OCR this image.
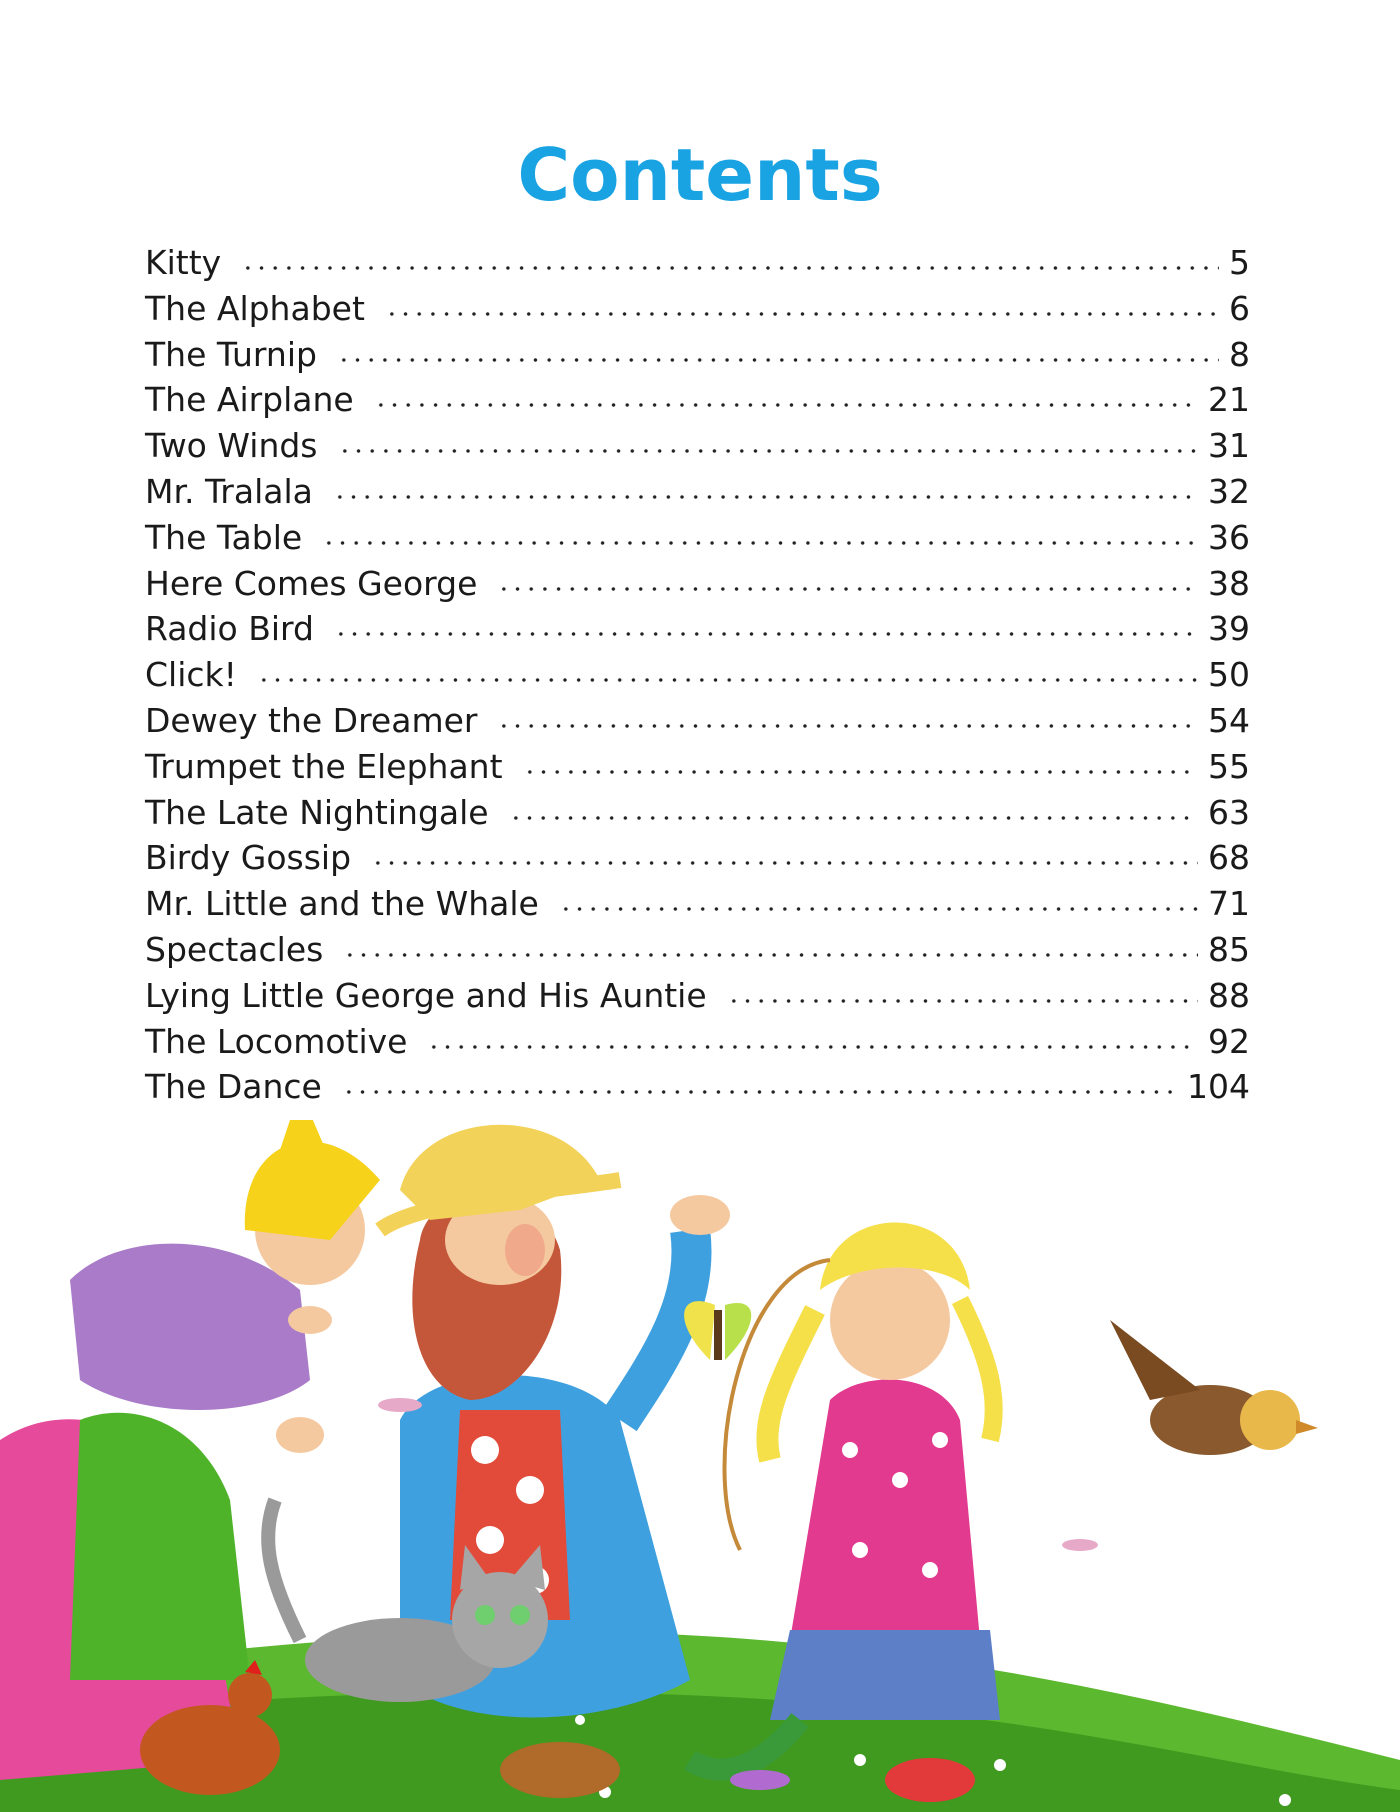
Contents
Kitty	5
The Alphabet	6
The Turnip	8
The Airplane	21
Two Winds	31
Mr. Tralala	32
The Table	36
Here Comes George	38
Radio Bird	39
Click!	50
Dewey the Dreamer	54
Trumpet the Elephant	55
The Late Nightingale	63
Birdy Gossip	68
Mr. Little and the Whale	71
Spectacles	85
Lying Little George and His Auntie	88
The Locomotive	92
The Dance	104
